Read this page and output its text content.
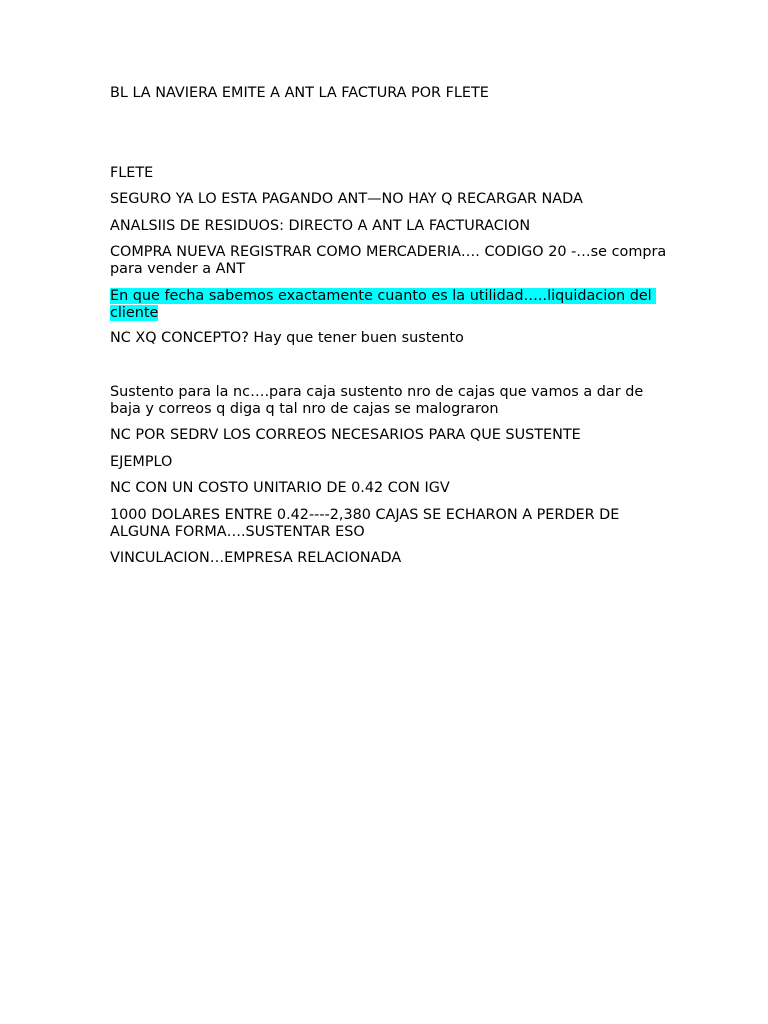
BL LA NAVIERA EMITE A ANT LA FACTURA POR FLETE
FLETE
SEGURO YA LO ESTA PAGANDO ANT—NO HAY Q RECARGAR NADA
ANALSIIS DE RESIDUOS: DIRECTO A ANT LA FACTURACION
COMPRA NUEVA REGISTRAR COMO MERCADERIA…. CODIGO 20 -…se compra para vender a ANT
En que fecha sabemos exactamente cuanto es la utilidad…..liquidacion del cliente
NC XQ CONCEPTO? Hay que tener buen sustento
Sustento para la nc….para caja sustento nro de cajas que vamos a dar de baja y correos q diga q tal nro de cajas se malograron
NC POR SEDRV LOS CORREOS NECESARIOS PARA QUE SUSTENTE
EJEMPLO
NC CON UN COSTO UNITARIO DE 0.42 CON IGV
1000 DOLARES ENTRE 0.42----2,380 CAJAS SE ECHARON A PERDER DE ALGUNA FORMA….SUSTENTAR ESO
VINCULACION…EMPRESA RELACIONADA
